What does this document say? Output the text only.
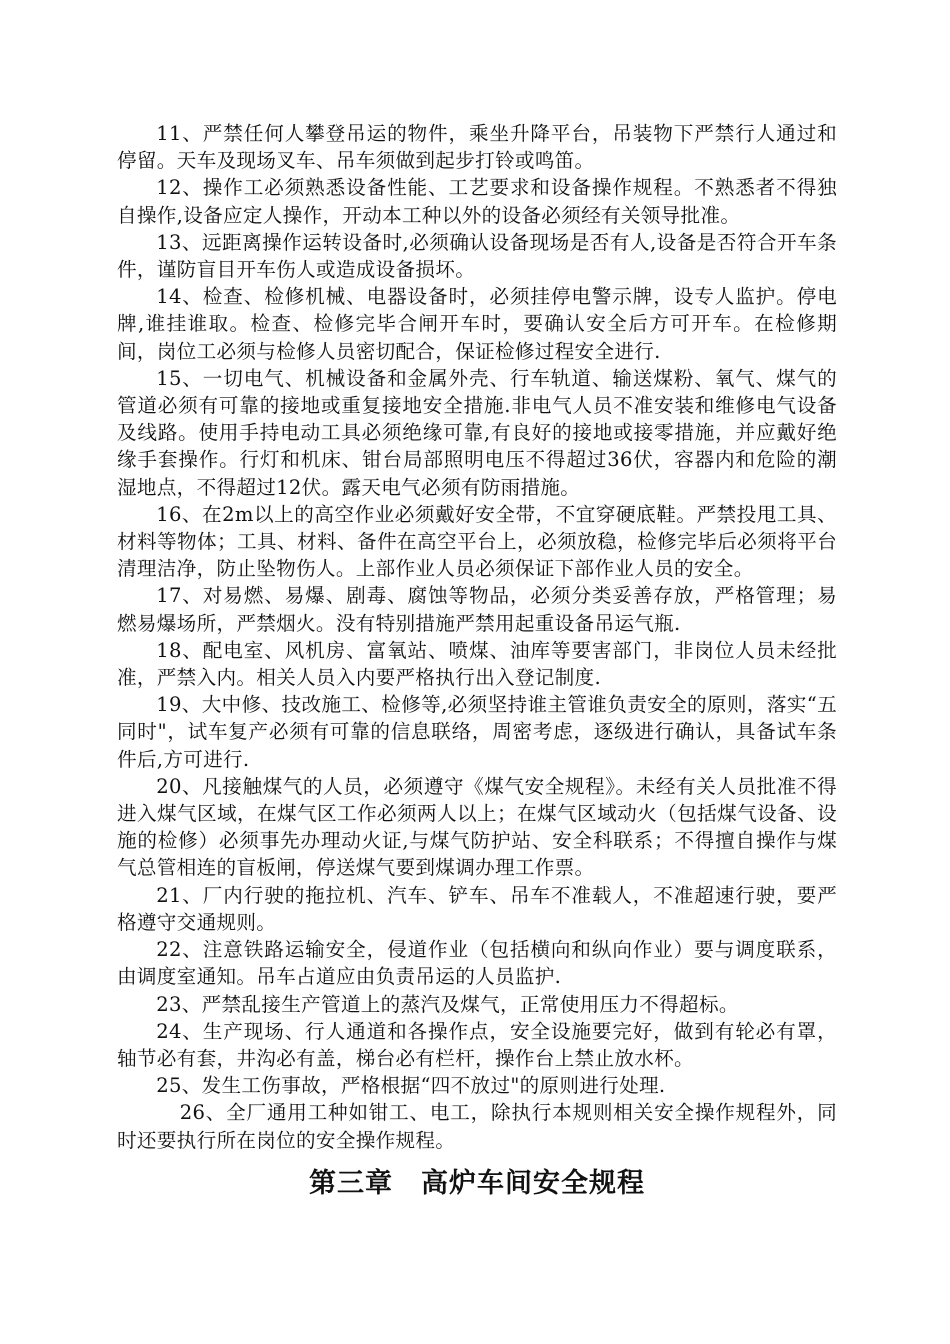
11、严禁任何人攀登吊运的物件，乘坐升降平台，吊装物下严禁行人通过和停留。天车及现场叉车、吊车须做到起步打铃或鸣笛。

12、操作工必须熟悉设备性能、工艺要求和设备操作规程。不熟悉者不得独自操作,设备应定人操作，开动本工种以外的设备必须经有关领导批准。

13、远距离操作运转设备时,必须确认设备现场是否有人,设备是否符合开车条件，谨防盲目开车伤人或造成设备损坏。

14、检查、检修机械、电器设备时，必须挂停电警示牌，设专人监护。停电牌,谁挂谁取。检查、检修完毕合闸开车时，要确认安全后方可开车。在检修期间，岗位工必须与检修人员密切配合，保证检修过程安全进行.

15、一切电气、机械设备和金属外壳、行车轨道、输送煤粉、氧气、煤气的管道必须有可靠的接地或重复接地安全措施.非电气人员不准安装和维修电气设备及线路。使用手持电动工具必须绝缘可靠,有良好的接地或接零措施，并应戴好绝缘手套操作。行灯和机床、钳台局部照明电压不得超过36伏，容器内和危险的潮湿地点，不得超过12伏。露天电气必须有防雨措施。

16、在2m以上的高空作业必须戴好安全带，不宜穿硬底鞋。严禁投甩工具、材料等物体；工具、材料、备件在高空平台上，必须放稳，检修完毕后必须将平台清理洁净，防止坠物伤人。上部作业人员必须保证下部作业人员的安全。

17、对易燃、易爆、剧毒、腐蚀等物品，必须分类妥善存放，严格管理；易燃易爆场所，严禁烟火。没有特别措施严禁用起重设备吊运气瓶.

18、配电室、风机房、富氧站、喷煤、油库等要害部门，非岗位人员未经批准，严禁入内。相关人员入内要严格执行出入登记制度.

19、大中修、技改施工、检修等,必须坚持谁主管谁负责安全的原则，落实“五同时"，试车复产必须有可靠的信息联络，周密考虑，逐级进行确认，具备试车条件后,方可进行.

20、凡接触煤气的人员，必须遵守《煤气安全规程》。未经有关人员批准不得进入煤气区域，在煤气区工作必须两人以上；在煤气区域动火（包括煤气设备、设施的检修）必须事先办理动火证,与煤气防护站、安全科联系；不得擅自操作与煤气总管相连的盲板闸，停送煤气要到煤调办理工作票。

21、厂内行驶的拖拉机、汽车、铲车、吊车不准载人，不准超速行驶，要严格遵守交通规则。

22、注意铁路运输安全，侵道作业（包括横向和纵向作业）要与调度联系，由调度室通知。吊车占道应由负责吊运的人员监护.

23、严禁乱接生产管道上的蒸汽及煤气，正常使用压力不得超标。

24、生产现场、行人通道和各操作点，安全设施要完好，做到有轮必有罩，轴节必有套，井沟必有盖，梯台必有栏杆，操作台上禁止放水杯。

25、发生工伤事故，严格根据“四不放过"的原则进行处理.

26、全厂通用工种如钳工、电工，除执行本规则相关安全操作规程外，同时还要执行所在岗位的安全操作规程。

第三章　高炉车间安全规程
